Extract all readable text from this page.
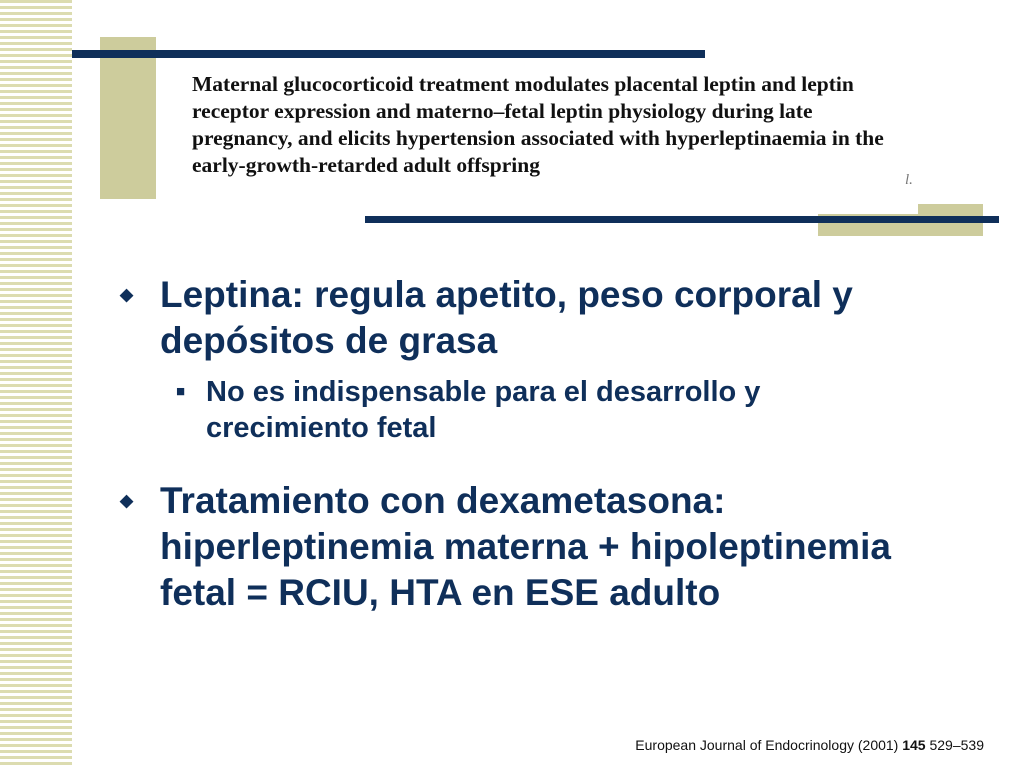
Maternal glucocorticoid treatment modulates placental leptin and leptin receptor expression and materno–fetal leptin physiology during late pregnancy, and elicits hypertension associated with hyperleptinaemia in the early-growth-retarded adult offspring

l.

◆ Leptina: regula apetito, peso corporal y depósitos de grasa
■ No es indispensable para el desarrollo y crecimiento fetal
◆ Tratamiento con dexametasona: hiperleptinemia materna + hipoleptinemia fetal = RCIU, HTA en ESE adulto
European Journal of Endocrinology (2001) 145 529–539
